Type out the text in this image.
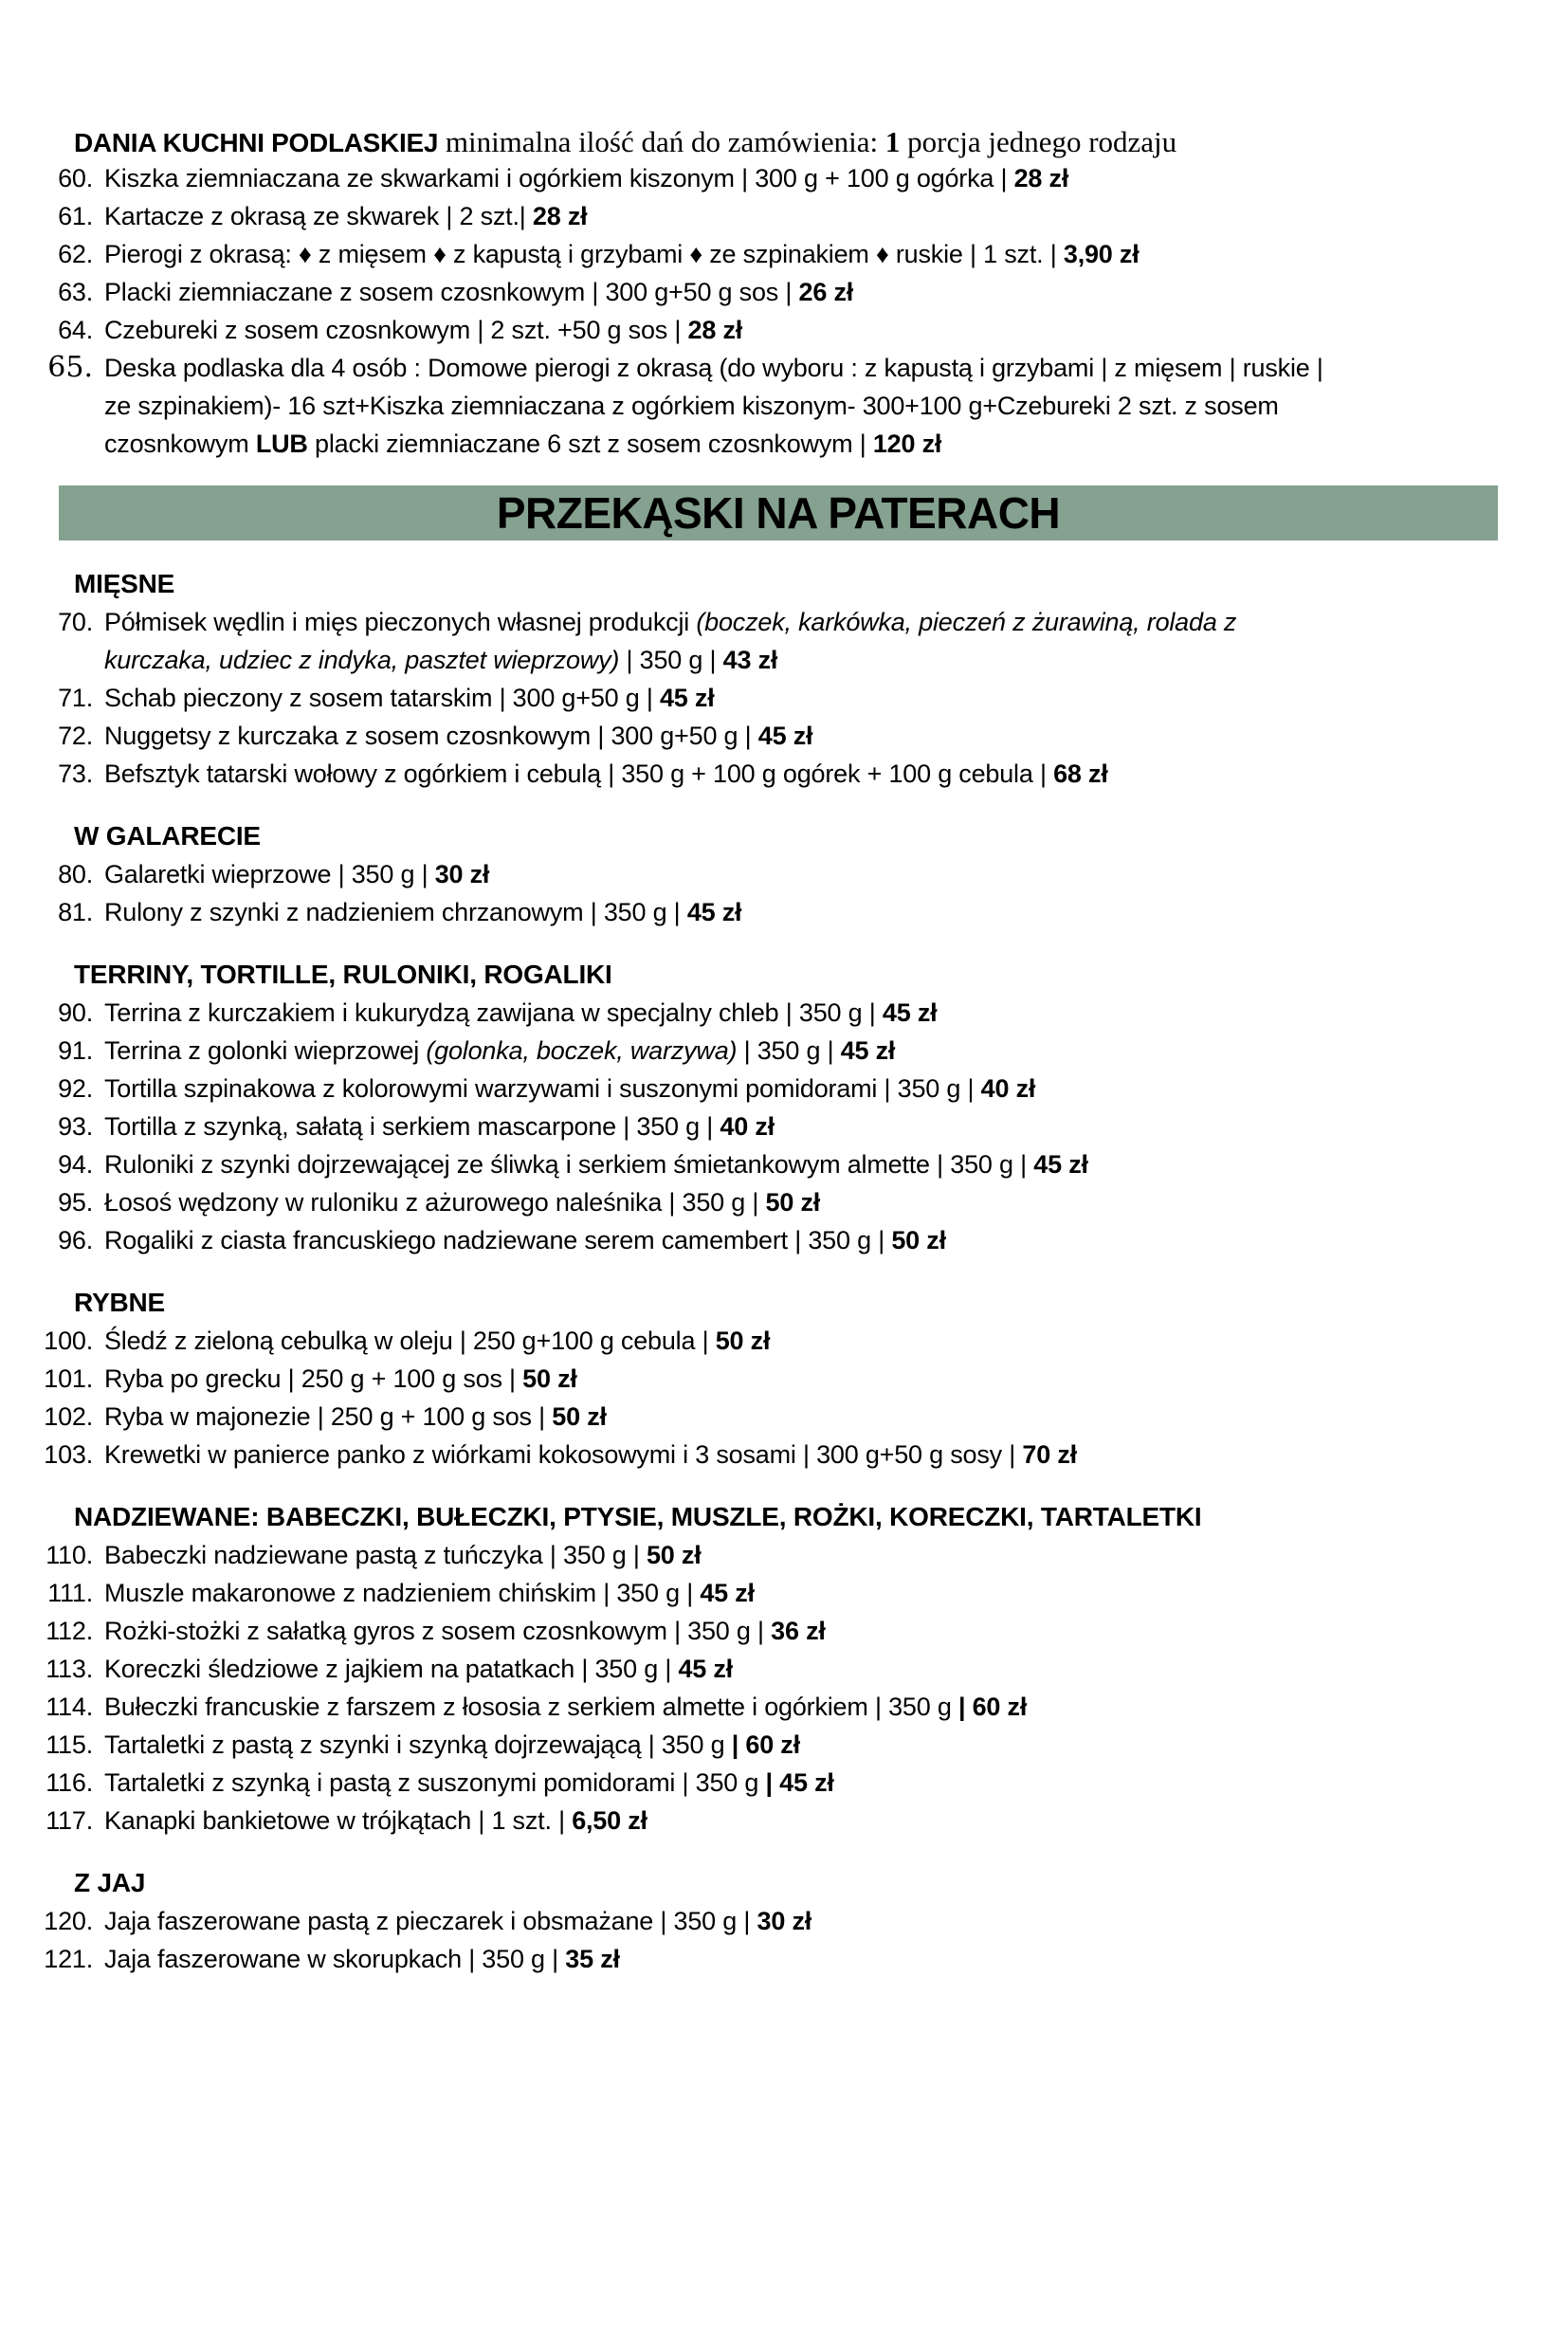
DANIA KUCHNI PODLASKIEJ minimalna ilość dań do zamówienia: 1 porcja jednego rodzaju
60. Kiszka ziemniaczana ze skwarkami i ogórkiem kiszonym | 300 g + 100 g ogórka | 28 zł
61. Kartacze z okrasą ze skwarek | 2 szt.| 28 zł
62. Pierogi z okrasą: ♦ z mięsem ♦ z kapustą i grzybami ♦ ze szpinakiem ♦ ruskie | 1 szt. | 3,90 zł
63. Placki ziemniaczane z sosem czosnkowym | 300 g+50 g sos | 26 zł
64. Czebureki z sosem czosnkowym | 2 szt. +50 g sos | 28 zł
65. Deska podlaska dla 4 osób : Domowe pierogi z okrasą (do wyboru : z kapustą i grzybami | z mięsem | ruskie | ze szpinakiem)- 16 szt+Kiszka ziemniaczana z ogórkiem kiszonym- 300+100 g+Czebureki 2 szt. z sosem czosnkowym LUB placki ziemniaczane 6 szt z sosem czosnkowym | 120 zł
PRZEKĄSKI NA PATERACH
MIĘSNE
70. Półmisek wędlin i mięs pieczonych własnej produkcji (boczek, karkówka, pieczeń z żurawiną, rolada z kurczaka, udziec z indyka, pasztet wieprzowy) | 350 g | 43 zł
71. Schab pieczony z sosem tatarskim | 300 g+50 g | 45 zł
72. Nuggetsy z kurczaka z sosem czosnkowym | 300 g+50 g | 45 zł
73. Befsztyk tatarski wołowy z ogórkiem i cebulą | 350 g + 100 g ogórek + 100 g cebula | 68 zł
W GALARECIE
80. Galaretki wieprzowe | 350 g | 30 zł
81. Rulony z szynki z nadzieniem chrzanowym | 350 g | 45 zł
TERRINY, TORTILLE, RULONIKI, ROGALIKI
90. Terrina z kurczakiem i kukurydzą zawijana w specjalny chleb | 350 g | 45 zł
91. Terrina z golonki wieprzowej (golonka, boczek, warzywa) | 350 g | 45 zł
92. Tortilla szpinakowa z kolorowymi warzywami i suszonymi pomidorami | 350 g | 40 zł
93. Tortilla z szynką, sałatą i serkiem mascarpone | 350 g | 40 zł
94. Ruloniki z szynki dojrzewającej ze śliwką i serkiem śmietankowym almette | 350 g | 45 zł
95. Łosoś wędzony w ruloniku z ażurowego naleśnika | 350 g | 50 zł
96. Rogaliki z ciasta francuskiego nadziewane serem camembert | 350 g | 50 zł
RYBNE
100. Śledź z zieloną cebulką w oleju | 250 g+100 g cebula | 50 zł
101. Ryba po grecku | 250 g + 100 g sos | 50 zł
102. Ryba w majonezie | 250 g + 100 g sos | 50 zł
103. Krewetki w panierce panko z wiórkami kokosowymi i 3 sosami | 300 g+50 g sosy | 70 zł
NADZIEWANE: BABECZKI, BUŁECZKI, PTYSIE, MUSZLE, ROŻKI, KORECZKI, TARTALETKI
110. Babeczki nadziewane pastą z tuńczyka | 350 g | 50 zł
111. Muszle makaronowe z nadzieniem chińskim | 350 g | 45 zł
112. Rożki-stożki z sałatką gyros z sosem czosnkowym | 350 g | 36 zł
113. Koreczki śledziowe z jajkiem na patatkach | 350 g | 45 zł
114. Bułeczki francuskie z farszem z łososia z serkiem almette i ogórkiem | 350 g | 60 zł
115. Tartaletki z pastą z szynki i szynką dojrzewającą | 350 g | 60 zł
116. Tartaletki z szynką i pastą z suszonymi pomidorami | 350 g | 45 zł
117. Kanapki bankietowe w trójkątach | 1 szt. | 6,50 zł
Z JAJ
120. Jaja faszerowane pastą z pieczarek i obsmażane | 350 g | 30 zł
121. Jaja faszerowane w skorupkach | 350 g | 35 zł
